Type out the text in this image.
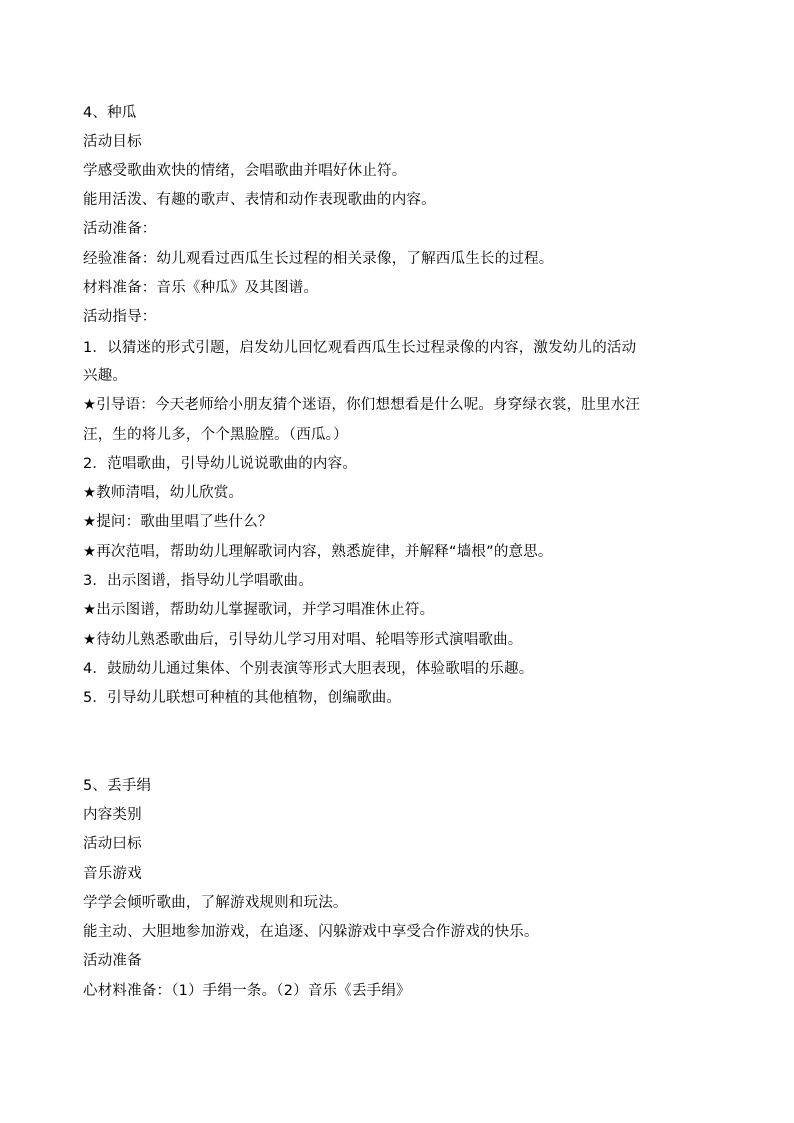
4、种瓜
活动目标
学感受歌曲欢快的情绪，会唱歌曲并唱好休止符。
能用活泼、有趣的歌声、表情和动作表现歌曲的内容。
活动准备：
经验准备：幼儿观看过西瓜生长过程的相关录像，了解西瓜生长的过程。
材料准备：音乐《种瓜》及其图谱。
活动指导：
1．以猜迷的形式引题，启发幼儿回忆观看西瓜生长过程录像的内容，激发幼儿的活动
兴趣。
★引导语：今天老师给小朋友猜个迷语，你们想想看是什么呢。身穿绿衣裳，肚里水汪
汪，生的将儿多，个个黑脸膛。（西瓜。）
2．范唱歌曲，引导幼儿说说歌曲的内容。
★教师清唱，幼儿欣赏。
★提问：歌曲里唱了些什么？
★再次范唱，帮助幼儿理解歌词内容，熟悉旋律，并解释“墙根”的意思。
3．出示图谱，指导幼儿学唱歌曲。
★出示图谱，帮助幼儿掌握歌词，并学习唱准休止符。
★待幼儿熟悉歌曲后，引导幼儿学习用对唱、轮唱等形式演唱歌曲。
4．鼓励幼儿通过集体、个别表演等形式大胆表现，体验歌唱的乐趣。
5．引导幼儿联想可种植的其他植物，创编歌曲。
5、丢手绢
内容类别
活动曰标
音乐游戏
学学会倾听歌曲，了解游戏规则和玩法。
能主动、大胆地参加游戏，在追逐、闪躲游戏中享受合作游戏的快乐。
活动准备
心材料准备：（1）手绢一条。（2）音乐《丢手绢》
